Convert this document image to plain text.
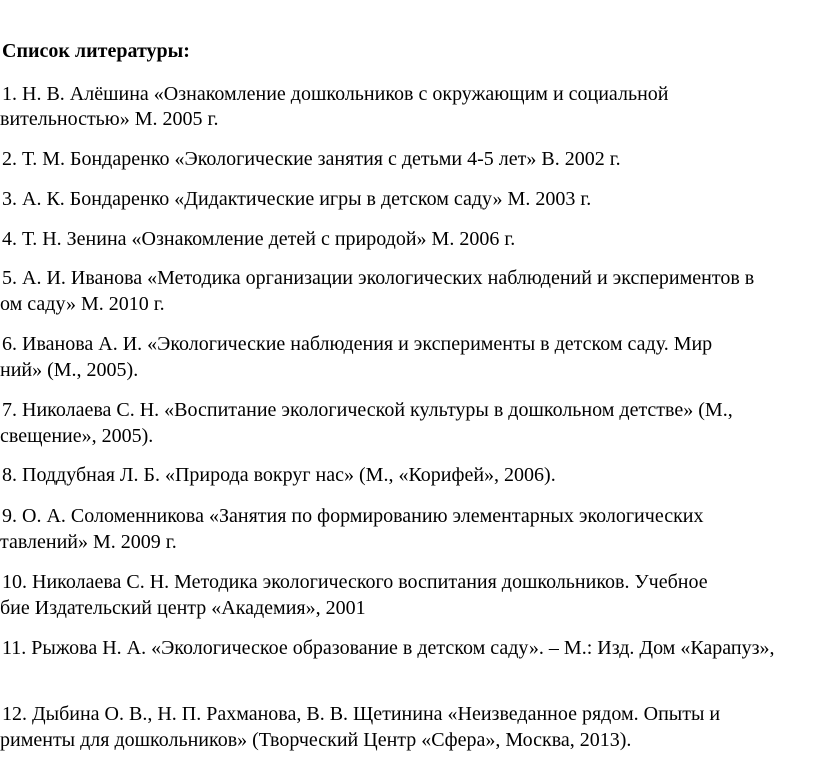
Список литературы:
1. Н. В. Алёшина «Ознакомление дошкольников с окружающим и социальной
вительностью» М. 2005 г.
2. Т. М. Бондаренко «Экологические занятия с детьми 4-5 лет» В. 2002 г.
3. А. К. Бондаренко «Дидактические игры в детском саду» М. 2003 г.
4. Т. Н. Зенина «Ознакомление детей с природой» М. 2006 г.
5. А. И. Иванова «Методика организации экологических наблюдений и экспериментов в
ом саду» М. 2010 г.
6. Иванова А. И. «Экологические наблюдения и эксперименты в детском саду. Мир
ний» (М., 2005).
7. Николаева С. Н. «Воспитание экологической культуры в дошкольном детстве» (М.,
свещение», 2005).
8. Поддубная Л. Б. «Природа вокруг нас» (М., «Корифей», 2006).
9. О. А. Соломенникова «Занятия по формированию элементарных экологических
тавлений» М. 2009 г.
10. Николаева С. Н. Методика экологического воспитания дошкольников. Учебное
бие Издательский центр «Академия», 2001
11. Рыжова Н. А. «Экологическое образование в детском саду». – М.: Изд. Дом «Карапуз»,
12. Дыбина О. В., Н. П. Рахманова, В. В. Щетинина «Неизведанное рядом. Опыты и
рименты для дошкольников» (Творческий Центр «Сфера», Москва, 2013).
